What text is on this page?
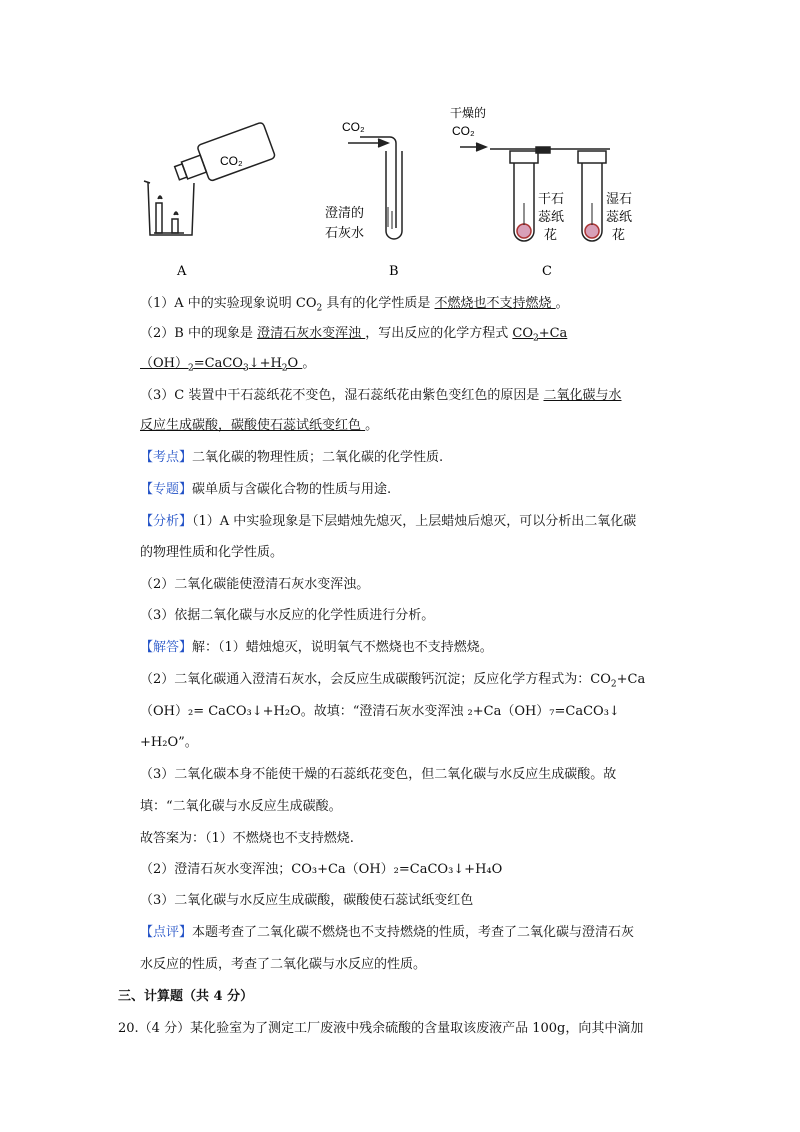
CO₂
CO₂
澄清的
石灰水
干燥的
CO₂
干石
蕊纸
花
湿石
蕊纸
花
A	B	C
（1）A 中的实验现象说明 $CO_2$ 具有的化学性质是 不燃烧也不支持燃烧 。
（2）B 中的现象是 澄清石灰水变浑浊 ，写出反应的化学方程式 $CO_2+Ca$
$(OH)_2=CaCO_3↓+H_2O$ 。
（3）C 装置中干石蕊纸花不变色，湿石蕊纸花由紫色变红色的原因是 二氧化碳与水
反应生成碳酸，碳酸使石蕊试纸变红色 。
【考点】二氧化碳的物理性质；二氧化碳的化学性质.
【专题】碳单质与含碳化合物的性质与用途.
【分析】（1）A 中实验现象是下层蜡烛先熄灭，上层蜡烛后熄灭，可以分析出二氧化碳
的物理性质和化学性质。
（2）二氧化碳能使澄清石灰水变浑浊。
（3）依据二氧化碳与水反应的化学性质进行分析。
【解答】解：（1）蜡烛熄灭，说明氧气不燃烧也不支持燃烧。
（2）二氧化碳通入澄清石灰水，会反应生成碳酸钙沉淀；反应化学方程式为：$CO_2+Ca$
（OH）₂= CaCO₃↓+H₂O。故填：“澄清石灰水变浑浊 ₂+Ca（OH）₇=CaCO₃↓
+H₂O”。
（3）二氧化碳本身不能使干燥的石蕊纸花变色，但二氧化碳与水反应生成碳酸。故
填：“二氧化碳与水反应生成碳酸。
故答案为：（1）不燃烧也不支持燃烧.
（2）澄清石灰水变浑浊；CO₃+Ca（OH）₂=CaCO₃↓+H₄O
（3）二氧化碳与水反应生成碳酸，碳酸使石蕊试纸变红色
【点评】本题考查了二氧化碳不燃烧也不支持燃烧的性质，考查了二氧化碳与澄清石灰
水反应的性质，考查了二氧化碳与水反应的性质。
三、计算题（共 4 分）
20.（4 分）某化验室为了测定工厂废液中残余硫酸的含量取该废液产品 100g，向其中滴加
